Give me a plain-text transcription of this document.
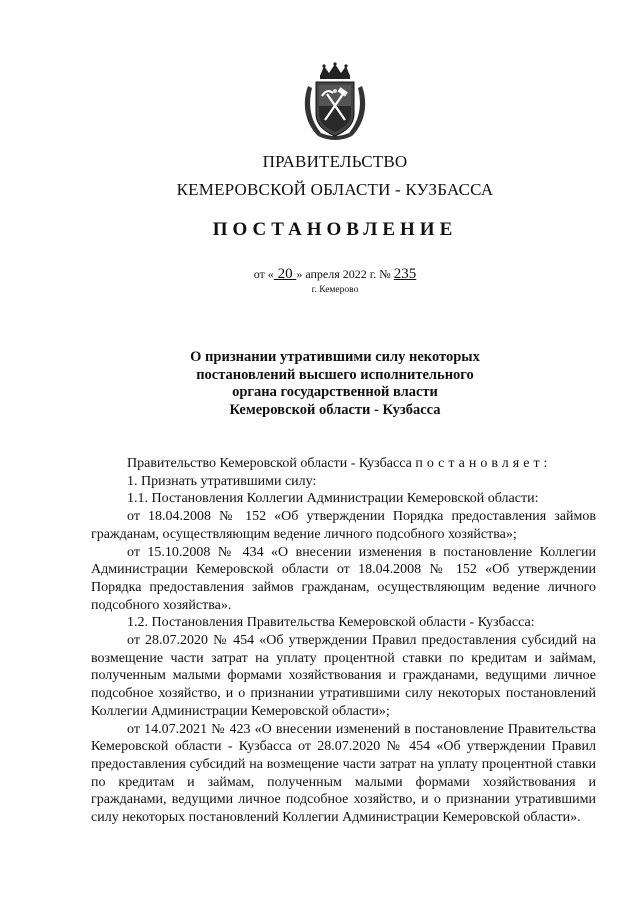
ПРАВИТЕЛЬСТВО
КЕМЕРОВСКОЙ ОБЛАСТИ - КУЗБАССА
ПОСТАНОВЛЕНИЕ
от « 20 » апреля 2022 г. № 235
г. Кемерово
О признании утратившими силу некоторых
постановлений высшего исполнительного
органа государственной власти
Кемеровской области - Кузбасса

Правительство Кемеровской области - Кузбасса постановляет:

1. Признать утратившими силу:

1.1. Постановления Коллегии Администрации Кемеровской области:

от 18.04.2008 № 152 «Об утверждении Порядка предоставления займов гражданам, осуществляющим ведение личного подсобного хозяйства»;

от 15.10.2008 № 434 «О внесении изменения в постановление Коллегии Администрации Кемеровской области от 18.04.2008 № 152 «Об утверждении Порядка предоставления займов гражданам, осуществляющим ведение личного подсобного хозяйства».

1.2. Постановления Правительства Кемеровской области - Кузбасса:

от 28.07.2020 № 454 «Об утверждении Правил предоставления субсидий на возмещение части затрат на уплату процентной ставки по кредитам и займам, полученным малыми формами хозяйствования и гражданами, ведущими личное подсобное хозяйство, и о признании утратившими силу некоторых постановлений Коллегии Администрации Кемеровской области»;

от 14.07.2021 № 423 «О внесении изменений в постановление Правительства Кемеровской области - Кузбасса от 28.07.2020 № 454 «Об утверждении Правил предоставления субсидий на возмещение части затрат на уплату процентной ставки по кредитам и займам, полученным малыми формами хозяйствования и гражданами, ведущими личное подсобное хозяйство, и о признании утратившими силу некоторых постановлений Коллегии Администрации Кемеровской области».
